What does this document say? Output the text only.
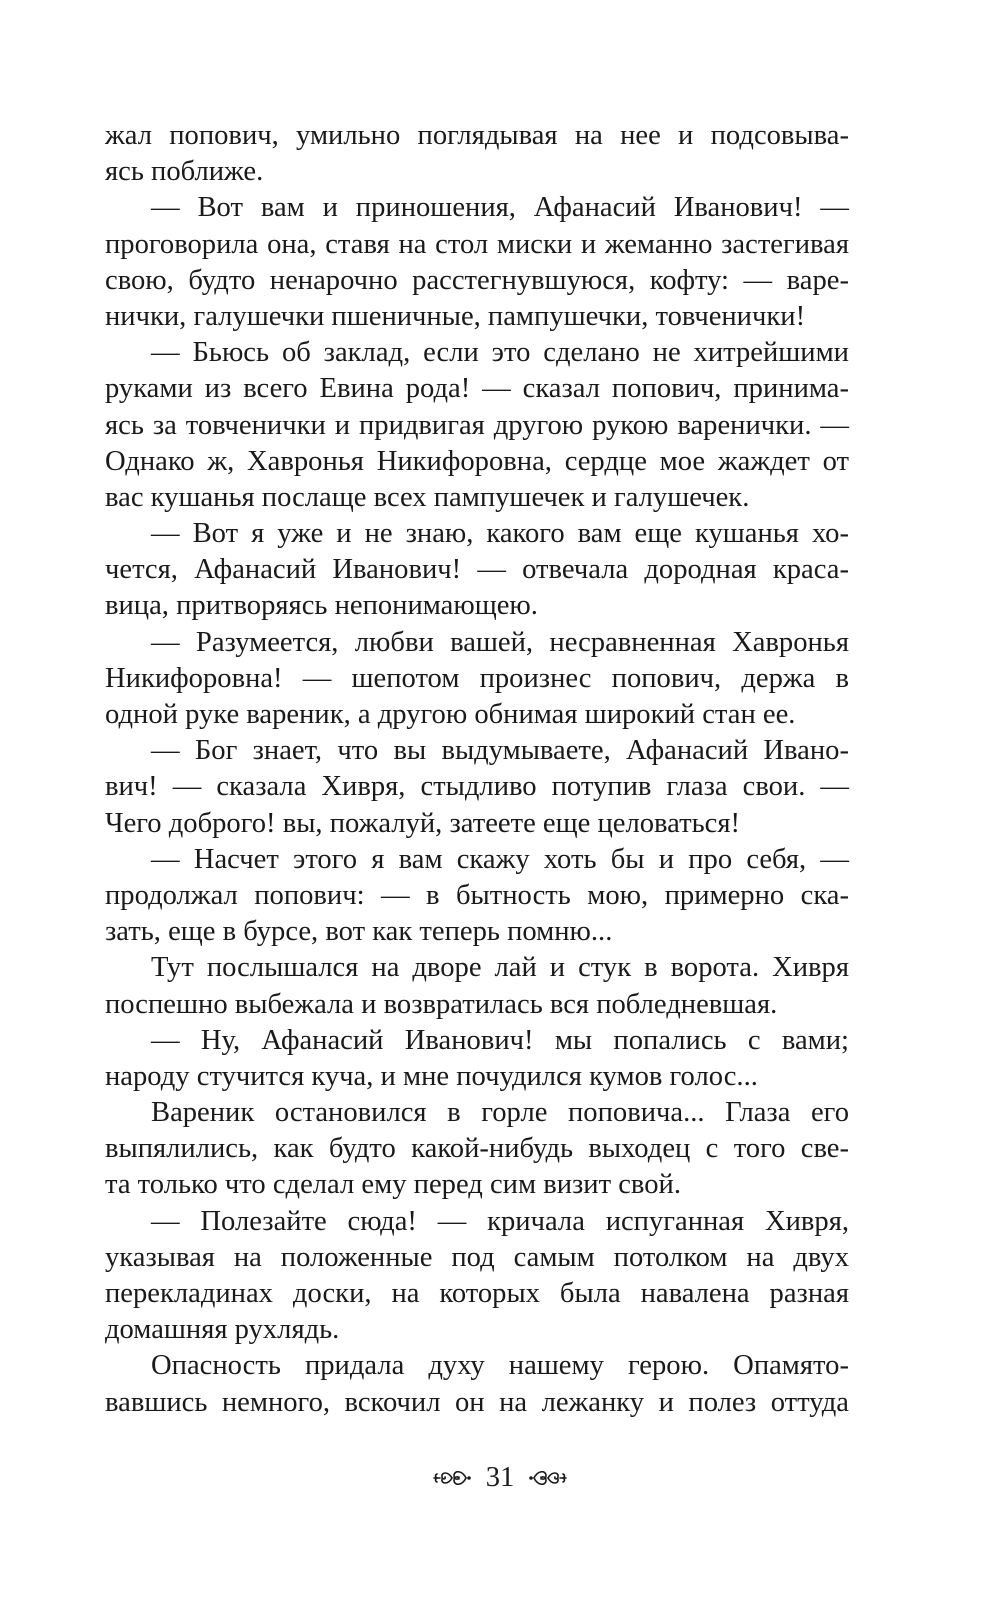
жал попович, умильно поглядывая на нее и подсовыва-
ясь поближе.
— Вот вам и приношения, Афанасий Иванович! —
проговорила она, ставя на стол миски и жеманно застегивая
свою, будто ненарочно расстегнувшуюся, кофту: — варе-
нички, галушечки пшеничные, пампушечки, товченички!
— Бьюсь об заклад, если это сделано не хитрейшими
руками из всего Евина рода! — сказал попович, принима-
ясь за товченички и придвигая другою рукою варенички. —
Однако ж, Хавронья Никифоровна, сердце мое жаждет от
вас кушанья послаще всех пампушечек и галушечек.
— Вот я уже и не знаю, какого вам еще кушанья хо-
чется, Афанасий Иванович! — отвечала дородная краса-
вица, притворяясь непонимающею.
— Разумеется, любви вашей, несравненная Хавронья
Никифоровна! — шепотом произнес попович, держа в
одной руке вареник, а другою обнимая широкий стан ее.
— Бог знает, что вы выдумываете, Афанасий Ивано-
вич! — сказала Хивря, стыдливо потупив глаза свои. —
Чего доброго! вы, пожалуй, затеете еще целоваться!
— Насчет этого я вам скажу хоть бы и про себя, —
продолжал попович: — в бытность мою, примерно ска-
зать, еще в бурсе, вот как теперь помню...
Тут послышался на дворе лай и стук в ворота. Хивря
поспешно выбежала и возвратилась вся побледневшая.
— Ну, Афанасий Иванович! мы попались с вами;
народу стучится куча, и мне почудился кумов голос...
Вареник остановился в горле поповича... Глаза его
выпялились, как будто какой-нибудь выходец с того све-
та только что сделал ему перед сим визит свой.
— Полезайте сюда! — кричала испуганная Хивря,
указывая на положенные под самым потолком на двух
перекладинах доски, на которых была навалена разная
домашняя рухлядь.
Опасность придала духу нашему герою. Опамято-
вавшись немного, вскочил он на лежанку и полез оттуда
31
